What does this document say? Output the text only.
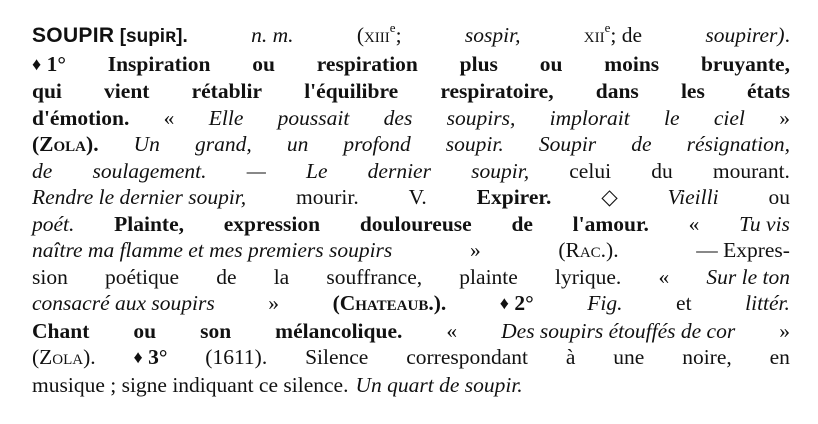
SOUPIR [supiʀ].	n. m.	(xiii$^e$;	sospir,	xii$^e$; de	soupirer).
♦ 1° Inspiration ou respiration plus ou moins bruyante,
qui vient rétablir l'équilibre respiratoire, dans les états
d'émotion. « Elle poussait des soupirs, implorait le ciel »
(Zola). Un grand, un profond soupir. Soupir de résignation,
de soulagement. — Le dernier soupir, celui du mourant.
Rendre le dernier soupir, mourir. V. Expirer. ◇ Vieilli ou
poét. Plainte, expression douloureuse de l'amour. « Tu vis
naître ma flamme et mes premiers soupirs	»	(Rac.).	— Expres-
sion poétique de la souffrance, plainte lyrique. « Sur le ton
consacré aux soupirs » (Chateaub.).	♦ 2° Fig. et littér.
Chant ou son mélancolique. « Des soupirs étouffés de cor »
(Zola). ♦ 3° (1611). Silence correspondant à une noire, en
musique ; signe indiquant ce silence. Un quart de soupir.
